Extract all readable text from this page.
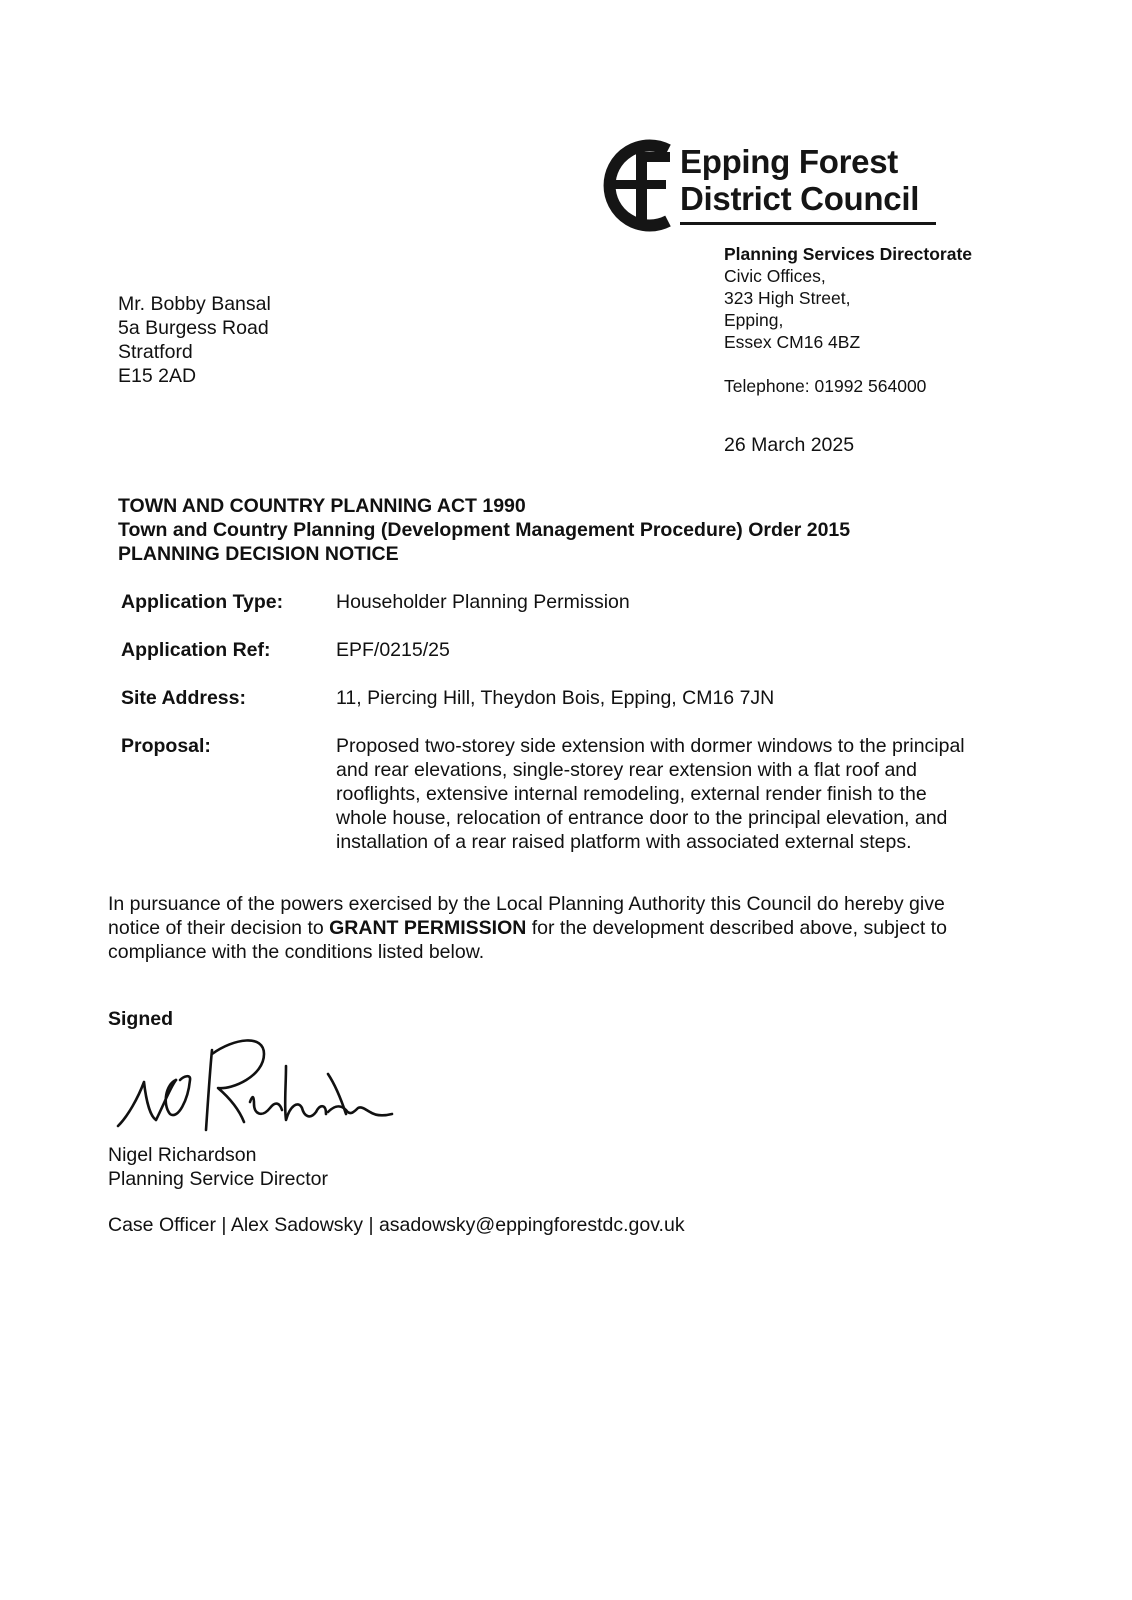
Epping Forest
District Council
Mr. Bobby Bansal
5a Burgess Road
Stratford
E15 2AD
Planning Services Directorate
Civic Offices,
323 High Street,
Epping,
Essex CM16 4BZ
Telephone: 01992 564000
26 March 2025
TOWN AND COUNTRY PLANNING ACT 1990
Town and Country Planning (Development Management Procedure) Order 2015
PLANNING DECISION NOTICE
Application Type:	Householder Planning Permission
Application Ref:	EPF/0215/25
Site Address:	11, Piercing Hill, Theydon Bois, Epping, CM16 7JN
Proposal:	Proposed two-storey side extension with dormer windows to the principal
and rear elevations, single-storey rear extension with a flat roof and
rooflights, extensive internal remodeling, external render finish to the
whole house, relocation of entrance door to the principal elevation, and
installation of a rear raised platform with associated external steps.
In pursuance of the powers exercised by the Local Planning Authority this Council do hereby give
notice of their decision to GRANT PERMISSION for the development described above, subject to
compliance with the conditions listed below.
Signed
Nigel Richardson
Planning Service Director
Case Officer | Alex Sadowsky | asadowsky@eppingforestdc.gov.uk
